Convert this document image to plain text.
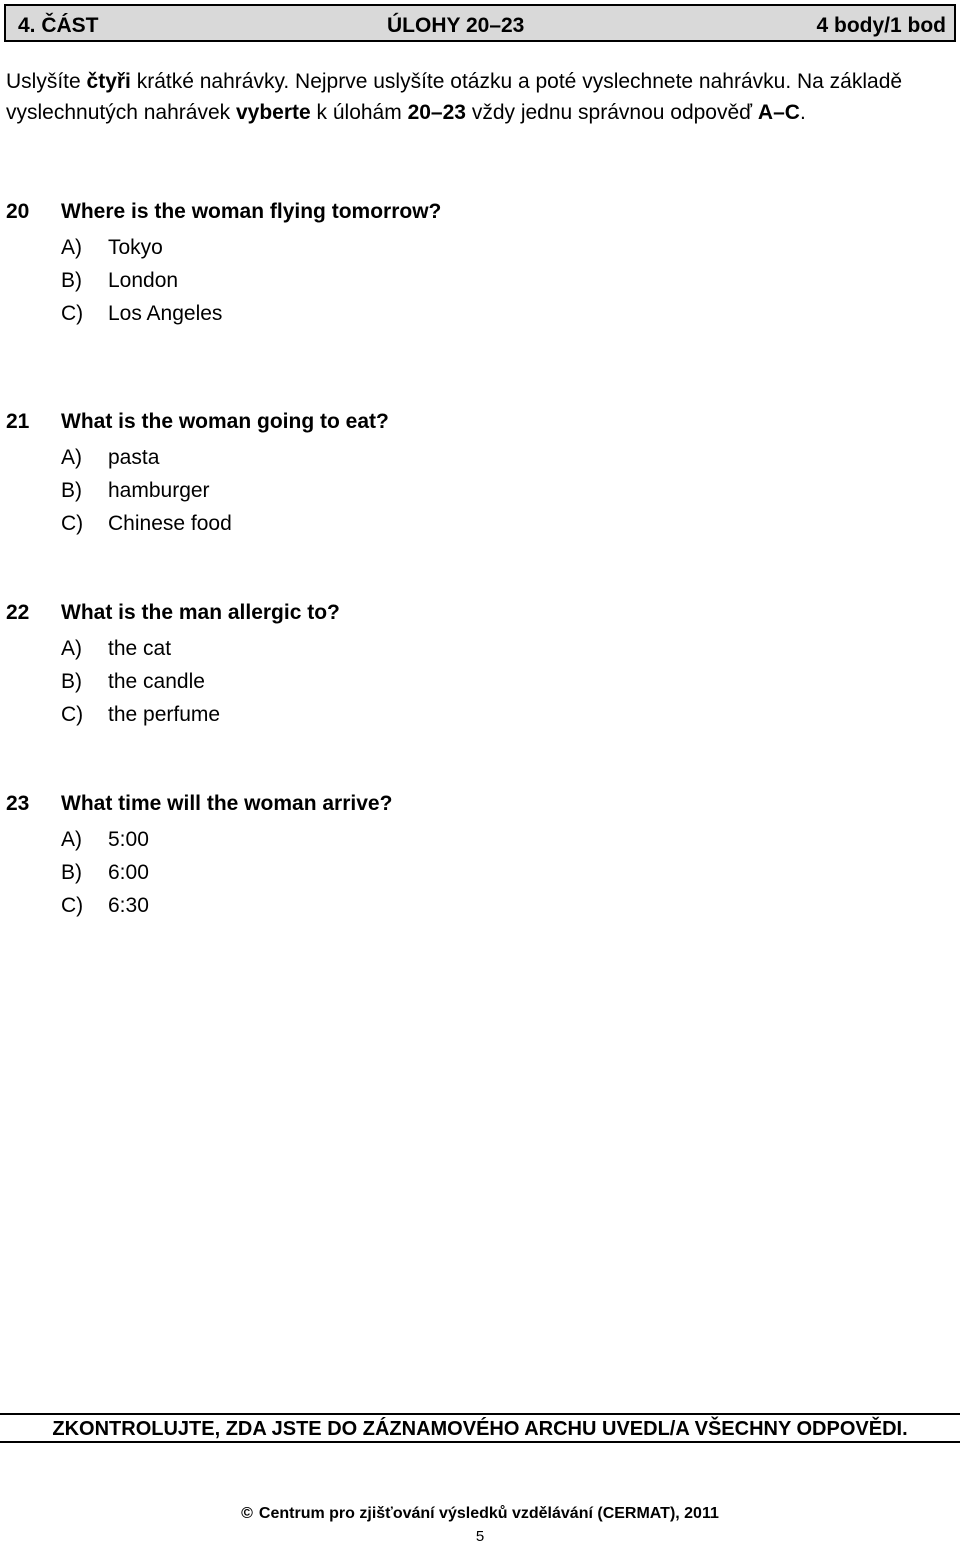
4. ČÁST	ÚLOHY 20–23	4 body/1 bod
Uslyšíte čtyři krátké nahrávky. Nejprve uslyšíte otázku a poté vyslechnete nahrávku. Na základě vyslechnutých nahrávek vyberte k úlohám 20–23 vždy jednu správnou odpověď A–C.
20 Where is the woman flying tomorrow?
A) Tokyo
B) London
C) Los Angeles
21 What is the woman going to eat?
A) pasta
B) hamburger
C) Chinese food
22 What is the man allergic to?
A) the cat
B) the candle
C) the perfume
23 What time will the woman arrive?
A) 5:00
B) 6:00
C) 6:30
ZKONTROLUJTE, ZDA JSTE DO ZÁZNAMOVÉHO ARCHU UVEDL/A VŠECHNY ODPOVĚDI.
© Centrum pro zjišťování výsledků vzdělávání (CERMAT), 2011
5
